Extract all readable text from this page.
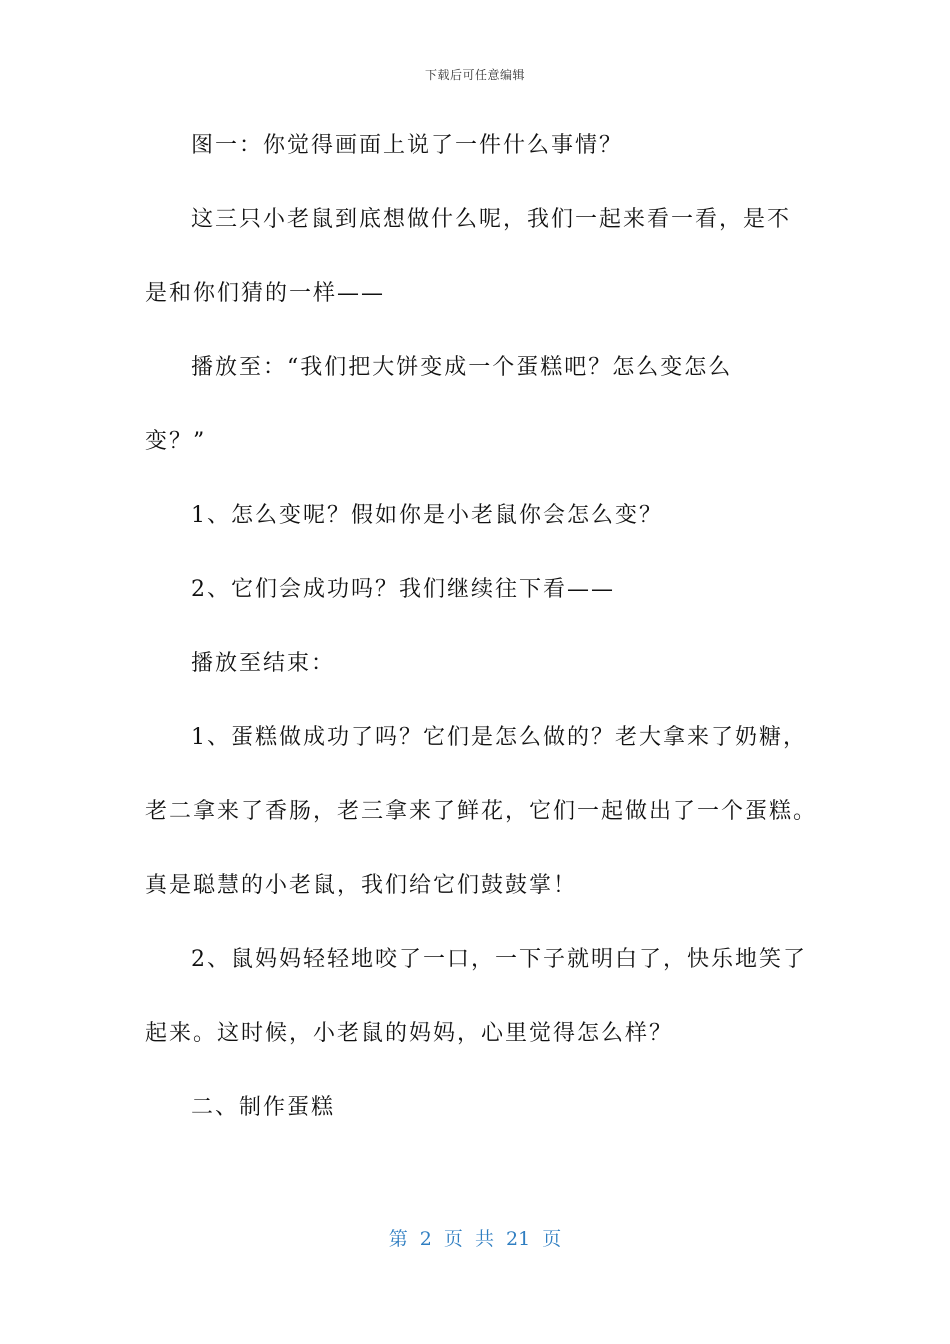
下载后可任意编辑
图一：你觉得画面上说了一件什么事情？
这三只小老鼠到底想做什么呢，我们一起来看一看，是不
是和你们猜的一样——
播放至：“我们把大饼变成一个蛋糕吧？怎么变怎么
变？”
1、怎么变呢？假如你是小老鼠你会怎么变？
2、它们会成功吗？我们继续往下看——
播放至结束：
1、蛋糕做成功了吗？它们是怎么做的？老大拿来了奶糖，
老二拿来了香肠，老三拿来了鲜花，它们一起做出了一个蛋糕。
真是聪慧的小老鼠，我们给它们鼓鼓掌！
2、鼠妈妈轻轻地咬了一口，一下子就明白了，快乐地笑了
起来。这时候，小老鼠的妈妈，心里觉得怎么样？
二、制作蛋糕
第 2 页 共 21 页
